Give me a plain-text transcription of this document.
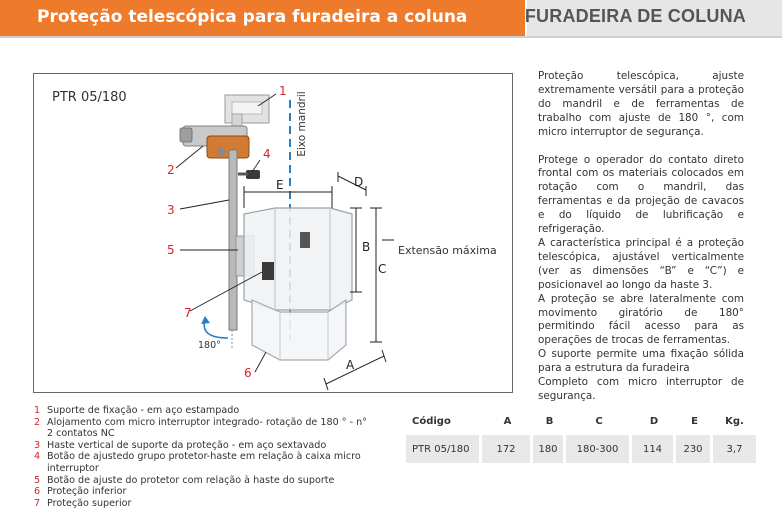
Proteção telescópica para furadeira a coluna	FURADEIRA DE COLUNA
PTR 05/180	1
2
4
3
5
7
6
Eixo mandril
Extensão máxima
180°
E	D
B
C
A

Proteção telescópica, ajuste extremamente versátil para a proteção do mandril e de ferramentas de trabalho com ajuste de 180 °, com micro interruptor de segurança.

Protege o operador do contato direto frontal com os materiais colocados em rotação com o mandril, das ferramentas e da projeção de cavacos e do líquido de lubrificação e refrigeração.

A característica principal é a proteção telescópica, ajustável verticalmente (ver as dimensões “B” e “C”) e posicionavel ao longo da haste 3.

A proteção se abre lateralmente com movimento giratório de 180° permitindo fácil acesso para as operações de trocas de ferramentas.

O suporte permite uma fixação sólida para a estrutura da furadeira

Completo com micro interruptor de segurança.

1 Suporte de fixação - em aço estampado
2 Alojamento com micro interruptor integrado- rotação de 180 ° - n° 2 contatos NC
3 Haste vertical de suporte da proteção - em aço sextavado
4 Botão de ajustedo grupo protetor-haste em relação à caixa micro interruptor
5 Botão de ajuste do protetor com relação à haste do suporte
6 Proteção inferior
7 Proteção superior
Código	A	B	C	D	E	Kg.

PTR 05/180	172	180	180-300	114	230	3,7
